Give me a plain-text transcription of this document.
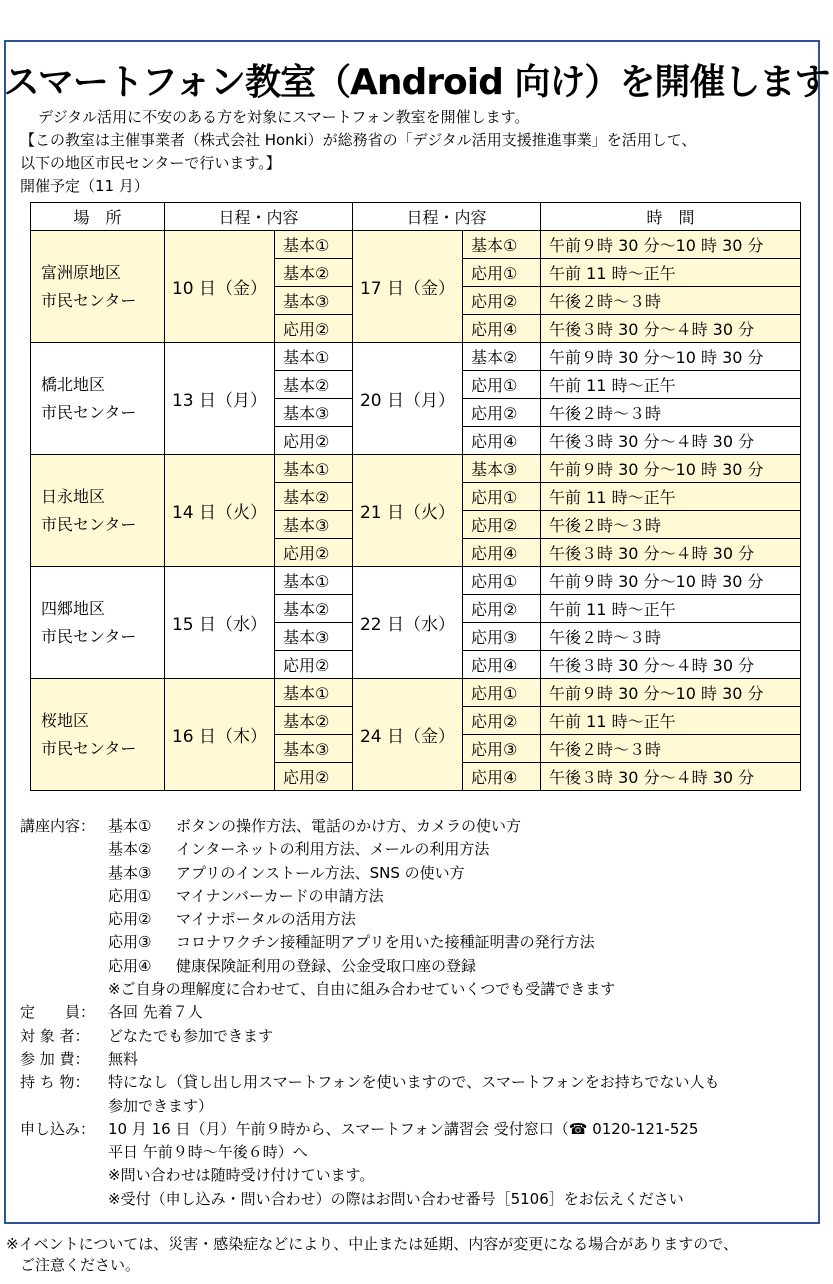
スマートフォン教室（Android 向け）を開催します
デジタル活用に不安のある方を対象にスマートフォン教室を開催します。
【この教室は主催事業者（株式会社 Honki）が総務省の「デジタル活用支援推進事業」を活用して、
以下の地区市民センターで行います。】
開催予定（11 月）
場　所	日程・内容		日程・内容		時　間

富洲原地区
市民センター	10 日（金）	基本①	17 日（金）	基本①	午前９時 30 分～10 時 30 分
		基本②		応用①	午前 11 時～正午
		基本③		応用②	午後２時～３時
		応用②		応用④	午後３時 30 分～４時 30 分

橋北地区
市民センター	13 日（月）	基本①	20 日（月）	基本②	午前９時 30 分～10 時 30 分
		基本②		応用①	午前 11 時～正午
		基本③		応用②	午後２時～３時
		応用②		応用④	午後３時 30 分～４時 30 分

日永地区
市民センター	14 日（火）	基本①	21 日（火）	基本③	午前９時 30 分～10 時 30 分
		基本②		応用①	午前 11 時～正午
		基本③		応用②	午後２時～３時
		応用②		応用④	午後３時 30 分～４時 30 分

四郷地区
市民センター	15 日（水）	基本①	22 日（水）	応用①	午前９時 30 分～10 時 30 分
		基本②		応用②	午前 11 時～正午
		基本③		応用③	午後２時～３時
		応用②		応用④	午後３時 30 分～４時 30 分

桜地区
市民センター	16 日（木）	基本①	24 日（金）	応用①	午前９時 30 分～10 時 30 分
		基本②		応用②	午前 11 時～正午
		基本③		応用③	午後２時～３時
		応用②		応用④	午後３時 30 分～４時 30 分
講座内容： 基本①	ボタンの操作方法、電話のかけ方、カメラの使い方
基本②	インターネットの利用方法、メールの利用方法
基本③	アプリのインストール方法、SNS の使い方
応用①	マイナンバーカードの申請方法
応用②	マイナポータルの活用方法
応用③	コロナワクチン接種証明アプリを用いた接種証明書の発行方法
応用④	健康保険証利用の登録、公金受取口座の登録
※ご自身の理解度に合わせて、自由に組み合わせていくつでも受講できます
定　　員： 各回 先着７人
対 象 者：	どなたでも参加できます
参 加 費：	無料
持 ち 物：	特になし（貸し出し用スマートフォンを使いますので、スマートフォンをお持ちでない人も
参加できます）
申し込み： 10 月 16 日（月）午前９時から、スマートフォン講習会 受付窓口（☎ 0120-121-525
平日 午前９時～午後６時）へ
※問い合わせは随時受け付けています。
※受付（申し込み・問い合わせ）の際はお問い合わせ番号［5106］をお伝えください
※イベントについては、災害・感染症などにより、中止または延期、内容が変更になる場合がありますので、
ご注意ください。
